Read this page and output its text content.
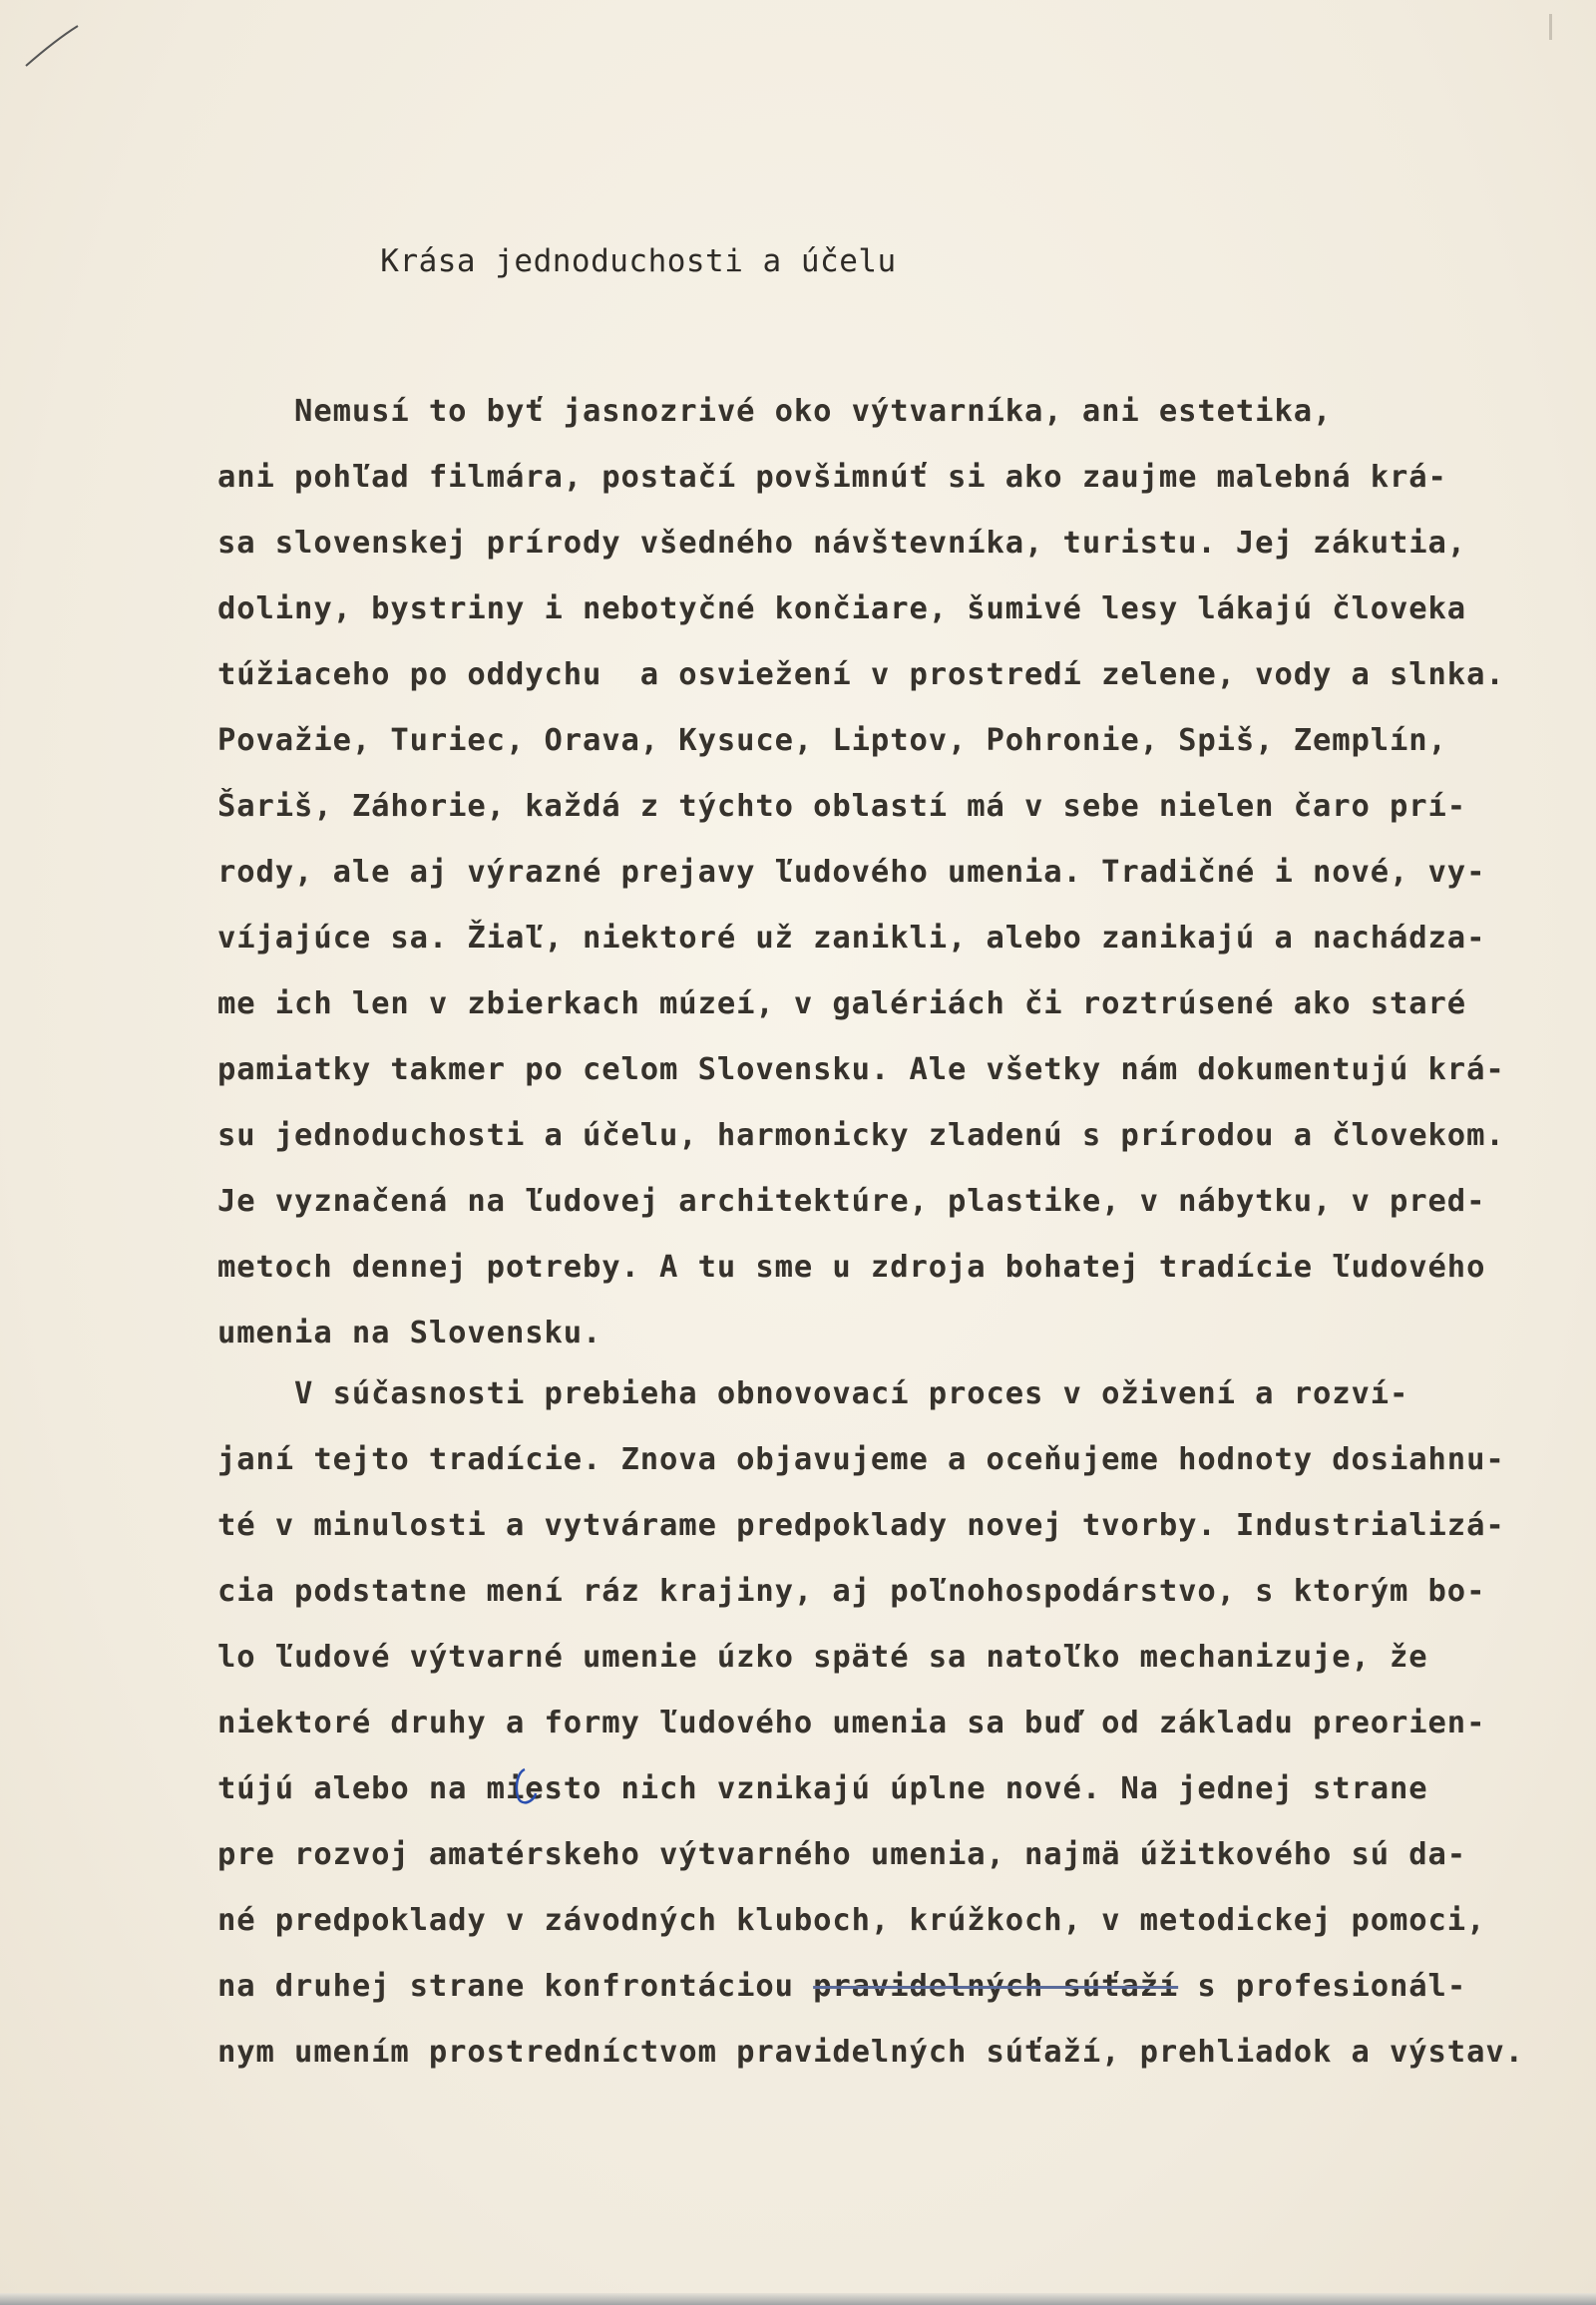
Krása jednoduchosti a účelu
Nemusí to byť jasnozrivé oko výtvarníka, ani estetika,
ani pohľad filmára, postačí povšimnúť si ako zaujme malebná krá-
sa slovenskej prírody všedného návštevníka, turistu. Jej zákutia,
doliny, bystriny i nebotyčné končiare, šumivé lesy lákajú človeka
túžiaceho po oddychu  a osviežení v prostredí zelene, vody a slnka.
Považie, Turiec, Orava, Kysuce, Liptov, Pohronie, Spiš, Zemplín,
Šariš, Záhorie, každá z týchto oblastí má v sebe nielen čaro prí-
rody, ale aj výrazné prejavy ľudového umenia. Tradičné i nové, vy-
víjajúce sa. Žiaľ, niektoré už zanikli, alebo zanikajú a nachádza-
me ich len v zbierkach múzeí, v galériách či roztrúsené ako staré
pamiatky takmer po celom Slovensku. Ale všetky nám dokumentujú krá-
su jednoduchosti a účelu, harmonicky zladenú s prírodou a človekom.
Je vyznačená na ľudovej architektúre, plastike, v nábytku, v pred-
metoch dennej potreby. A tu sme u zdroja bohatej tradície ľudového
umenia na Slovensku.
V súčasnosti prebieha obnovovací proces v oživení a rozví-
janí tejto tradície. Znova objavujeme a oceňujeme hodnoty dosiahnu-
té v minulosti a vytvárame predpoklady novej tvorby. Industrializá-
cia podstatne mení ráz krajiny, aj poľnohospodárstvo, s ktorým bo-
lo ľudové výtvarné umenie úzko späté sa natoľko mechanizuje, že
niektoré druhy a formy ľudového umenia sa buď od základu preorien-
tújú alebo na miesto nich vznikajú úplne nové. Na jednej strane
pre rozvoj amatérskeho výtvarného umenia, najmä úžitkového sú da-
né predpoklady v závodných kluboch, krúžkoch, v metodickej pomoci,
na druhej strane konfrontáciou pravidelných súťaží s profesionál-
nym umením prostredníctvom pravidelných súťaží, prehliadok a výstav.
